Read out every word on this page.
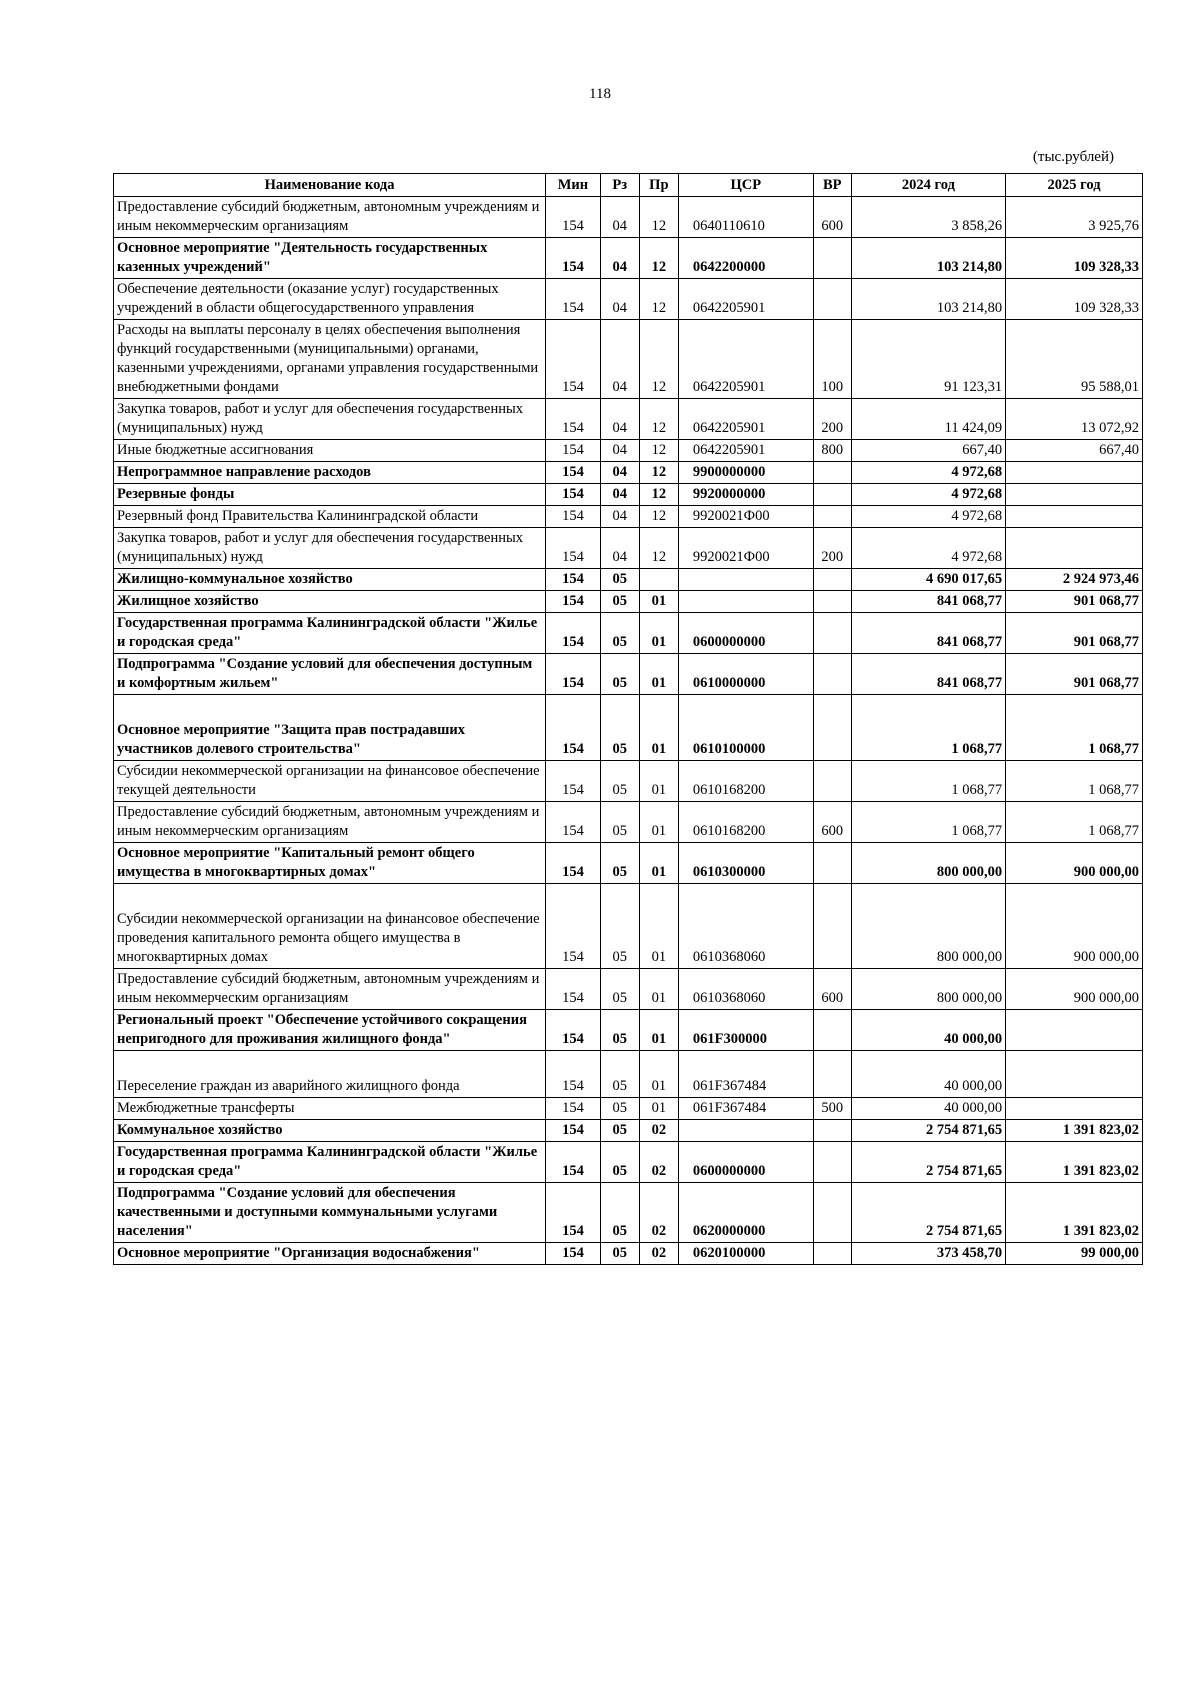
118
(тыс.рублей)
Наименование кода	Мин	Рз	Пр	ЦСР	ВР	2024 год	2025 год
Предоставление субсидий бюджетным, автономным учреждениям и иным некоммерческим организациям	154	04	12	0640110610	600	3 858,26	3 925,76
Основное мероприятие "Деятельность государственных казенных учреждений"	154	04	12	0642200000		103 214,80	109 328,33
Обеспечение деятельности (оказание услуг) государственных учреждений в области общегосударственного управления	154	04	12	0642205901		103 214,80	109 328,33
Расходы на выплаты персоналу в целях обеспечения выполнения функций государственными (муниципальными) органами, казенными учреждениями, органами управления государственными внебюджетными фондами	154	04	12	0642205901	100	91 123,31	95 588,01
Закупка товаров, работ и услуг для обеспечения государственных (муниципальных) нужд	154	04	12	0642205901	200	11 424,09	13 072,92
Иные бюджетные ассигнования	154	04	12	0642205901	800	667,40	667,40
Непрограммное направление расходов	154	04	12	9900000000		4 972,68	
Резервные фонды	154	04	12	9920000000		4 972,68	
Резервный фонд Правительства Калининградской области	154	04	12	9920021Ф00		4 972,68	
Закупка товаров, работ и услуг для обеспечения государственных (муниципальных) нужд	154	04	12	9920021Ф00	200	4 972,68	
Жилищно-коммунальное хозяйство	154	05				4 690 017,65	2 924 973,46
Жилищное хозяйство	154	05	01			841 068,77	901 068,77
Государственная программа Калининградской области "Жилье и городская среда"	154	05	01	0600000000		841 068,77	901 068,77
Подпрограмма "Создание условий для обеспечения доступным и комфортным жильем"	154	05	01	0610000000		841 068,77	901 068,77
Основное мероприятие "Защита прав пострадавших участников долевого строительства"	154	05	01	0610100000		1 068,77	1 068,77
Субсидии некоммерческой организации на финансовое обеспечение текущей деятельности	154	05	01	0610168200		1 068,77	1 068,77
Предоставление субсидий бюджетным, автономным учреждениям и иным некоммерческим организациям	154	05	01	0610168200	600	1 068,77	1 068,77
Основное мероприятие "Капитальный ремонт общего имущества в многоквартирных домах"	154	05	01	0610300000		800 000,00	900 000,00
Субсидии некоммерческой организации на финансовое обеспечение проведения капитального ремонта общего имущества в многоквартирных домах	154	05	01	0610368060		800 000,00	900 000,00
Предоставление субсидий бюджетным, автономным учреждениям и иным некоммерческим организациям	154	05	01	0610368060	600	800 000,00	900 000,00
Региональный проект "Обеспечение устойчивого сокращения непригодного для проживания жилищного фонда"	154	05	01	061F300000		40 000,00	
Переселение граждан из аварийного жилищного фонда	154	05	01	061F367484		40 000,00	
Межбюджетные трансферты	154	05	01	061F367484	500	40 000,00	
Коммунальное хозяйство	154	05	02			2 754 871,65	1 391 823,02
Государственная программа Калининградской области "Жилье и городская среда"	154	05	02	0600000000		2 754 871,65	1 391 823,02
Подпрограмма "Создание условий для обеспечения качественными и доступными коммунальными услугами населения"	154	05	02	0620000000		2 754 871,65	1 391 823,02
Основное мероприятие "Организация водоснабжения"	154	05	02	0620100000		373 458,70	99 000,00
